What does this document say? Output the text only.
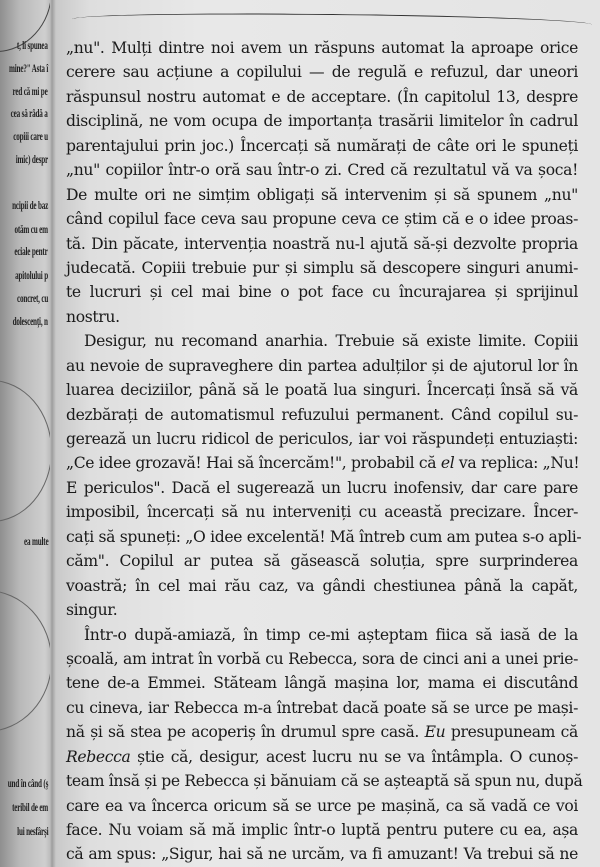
t, li spunea
mine?" Asta î
red că mi pe
cea să râdă a
copiii care u
imic) despr
ncipii de baz
otăm cu em
eciale pentr
apitolului p
concret, cu
dolescenți, n
ea multe
und în când (ș
teribil de em
lui nesfârși
„nu". Mulți dintre noi avem un răspuns automat la aproape orice
cerere sau acțiune a copilului — de regulă e refuzul, dar uneori
răspunsul nostru automat e de acceptare. (În capitolul 13, despre
disciplină, ne vom ocupa de importanța trasării limitelor în cadrul
parentajului prin joc.) Încercați să numărați de câte ori le spuneți
„nu" copiilor într-o oră sau într-o zi. Cred că rezultatul vă va șoca!
De multe ori ne simțim obligați să intervenim și să spunem „nu"
când copilul face ceva sau propune ceva ce știm că e o idee proas-
tă. Din păcate, intervenția noastră nu-l ajută să-și dezvolte propria
judecată. Copiii trebuie pur și simplu să descopere singuri anumi-
te lucruri și cel mai bine o pot face cu încurajarea și sprijinul
nostru.
Desigur, nu recomand anarhia. Trebuie să existe limite. Copiii
au nevoie de supraveghere din partea adulților și de ajutorul lor în
luarea deciziilor, până să le poată lua singuri. Încercați însă să vă
dezbărați de automatismul refuzului permanent. Când copilul su-
gerează un lucru ridicol de periculos, iar voi răspundeți entuziaști:
„Ce idee grozavă! Hai să încercăm!", probabil că el va replica: „Nu!
E periculos". Dacă el sugerează un lucru inofensiv, dar care pare
imposibil, încercați să nu interveniți cu această precizare. Încer-
cați să spuneți: „O idee excelentă! Mă întreb cum am putea s-o apli-
căm". Copilul ar putea să găsească soluția, spre surprinderea
voastră; în cel mai rău caz, va gândi chestiunea până la capăt,
singur.
Într-o după-amiază, în timp ce-mi așteptam fiica să iasă de la
școală, am intrat în vorbă cu Rebecca, sora de cinci ani a unei prie-
tene de-a Emmei. Stăteam lângă mașina lor, mama ei discutând
cu cineva, iar Rebecca m-a întrebat dacă poate să se urce pe mași-
nă și să stea pe acoperiș în drumul spre casă. Eu presupuneam că
Rebecca știe că, desigur, acest lucru nu se va întâmpla. O cunoș-
team însă și pe Rebecca și bănuiam că se așteaptă să spun nu, după
care ea va încerca oricum să se urce pe mașină, ca să vadă ce voi
face. Nu voiam să mă implic într-o luptă pentru putere cu ea, așa
că am spus: „Sigur, hai să ne urcăm, va fi amuzant! Va trebui să ne
